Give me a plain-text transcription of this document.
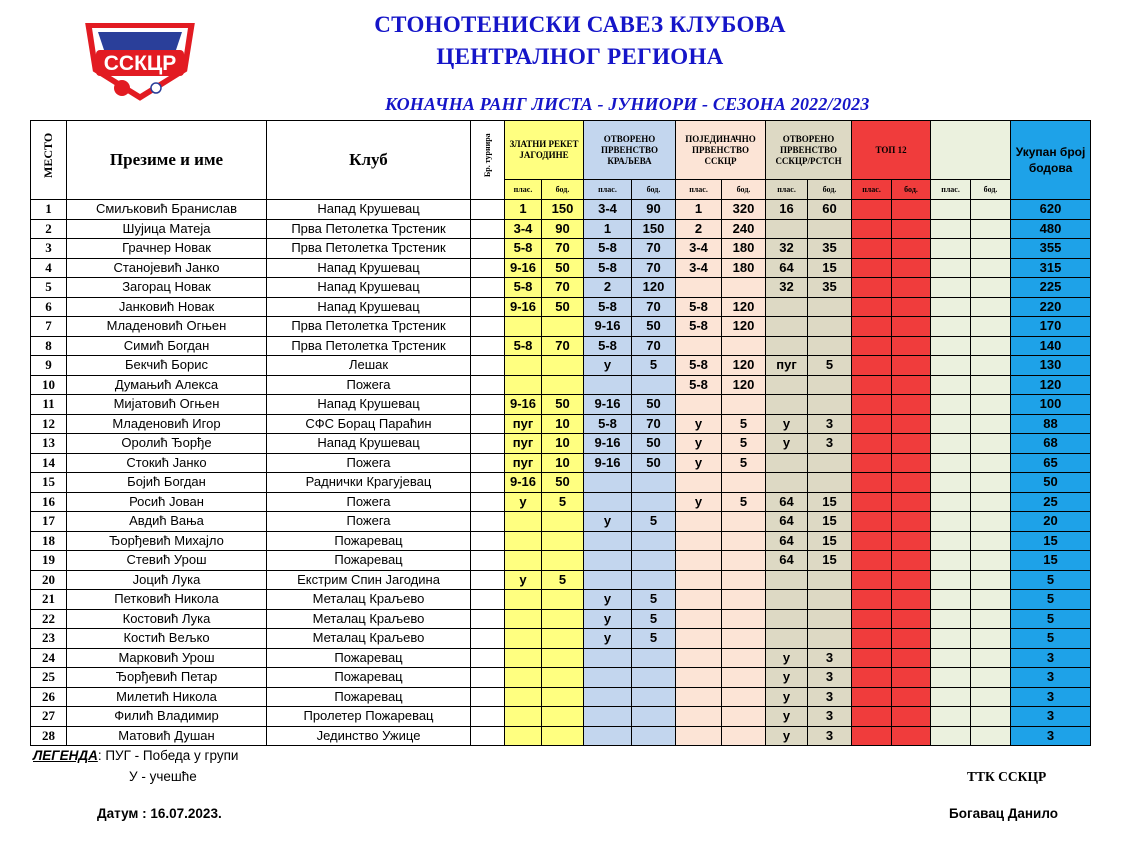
ССКЦР
СТОНОТЕНИСКИ САВЕЗ КЛУБОВА
ЦЕНТРАЛНОГ РЕГИОНА
КОНАЧНА РАНГ ЛИСТА - ЈУНИОРИ - СЕЗОНА 2022/2023
МЕСТО	Презиме и име	Клуб	Бр. турнира	ЗЛАТНИ РЕКЕТ ЈАГОДИНЕ		ОТВОРЕНО ПРВЕНСТВО КРАЉЕВА		ПОЈЕДИНАЧНО ПРВЕНСТВО ССКЦР		ОТВОРЕНО ПРВЕНСТВО ССКЦР/РСТСН		ТОП 12				Укупан број бодова
				плас.	бод.	плас.	бод.	плас.	бод.	плас.	бод.	плас.	бод.	плас.	бод.	
1	Смиљковић Бранислав	Напад Крушевац		1	150	3-4	90	1	320	16	60					620
2	Шујица Матеја	Прва Петолетка Трстеник		3-4	90	1	150	2	240							480
3	Грачнер Новак	Прва Петолетка Трстеник		5-8	70	5-8	70	3-4	180	32	35					355
4	Станојевић Јанко	Напад Крушевац		9-16	50	5-8	70	3-4	180	64	15					315
5	Загорац Новак	Напад Крушевац		5-8	70	2	120			32	35					225
6	Јанковић Новак	Напад Крушевац		9-16	50	5-8	70	5-8	120							220
7	Младеновић Огњен	Прва Петолетка Трстеник				9-16	50	5-8	120							170
8	Симић Богдан	Прва Петолетка Трстеник		5-8	70	5-8	70									140
9	Бекчић Борис	Лешак				у	5	5-8	120	пуг	5					130
10	Думањић Алекса	Пожега						5-8	120							120
11	Мијатовић Огњен	Напад Крушевац		9-16	50	9-16	50									100
12	Младеновић Игор	СФС Борац Параћин		пуг	10	5-8	70	у	5	у	3					88
13	Оролић Ђорђе	Напад Крушевац		пуг	10	9-16	50	у	5	у	3					68
14	Стокић Јанко	Пожега		пуг	10	9-16	50	у	5							65
15	Бојић Богдан	Раднички Крагујевац		9-16	50											50
16	Росић Јован	Пожега		у	5			у	5	64	15					25
17	Авдић Вања	Пожега				у	5			64	15					20
18	Ђорђевић Михајло	Пожаревац								64	15					15
19	Стевић Урош	Пожаревац								64	15					15
20	Јоцић Лука	Екстрим Спин Јагодина		у	5											5
21	Петковић Никола	Металац Краљево				у	5									5
22	Костовић Лука	Металац Краљево				у	5									5
23	Костић Вељко	Металац Краљево				у	5									5
24	Марковић Урош	Пожаревац								у	3					3
25	Ђорђевић Петар	Пожаревац								у	3					3
26	Милетић Никола	Пожаревац								у	3					3
27	Филић Владимир	Пролетер Пожаревац								у	3					3
28	Матовић Душан	Јединство Ужице								у	3					3
ЛЕГЕНДА: ПУГ - Победа у групи
У - учешће	ТТК ССКЦР
Датум : 16.07.2023.	Богавац Данило
